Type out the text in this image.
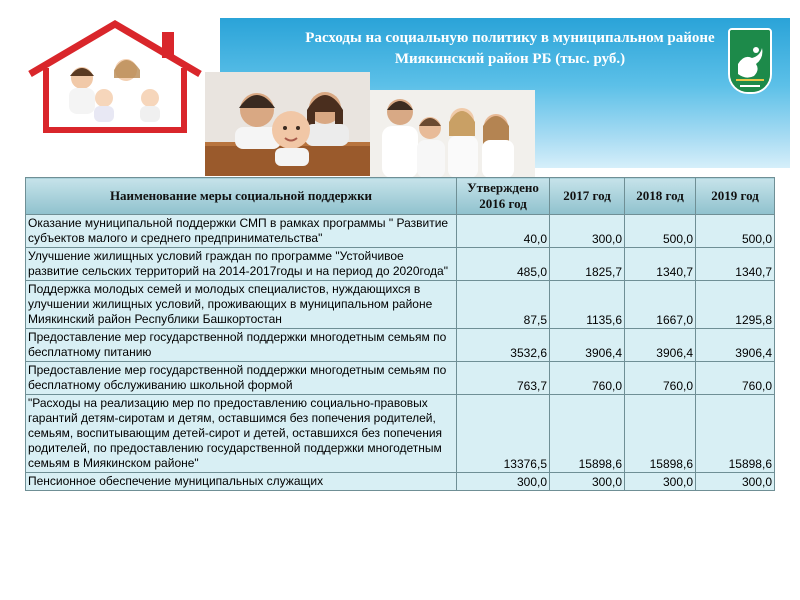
Расходы на социальную политику в муниципальном районе Миякинский район РБ (тыс. руб.)
Наименование меры социальной поддержки	Утверждено 2016 год	2017 год	2018 год	2019 год
Оказание муниципальной поддержки СМП в рамках программы " Развитие субъектов малого и среднего предпринимательства"	40,0	300,0	500,0	500,0
Улучшение жилищных условий граждан по программе "Устойчивое развитие сельских территорий на 2014-2017годы и на период до 2020года"	485,0	1825,7	1340,7	1340,7
Поддержка молодых семей и молодых специалистов, нуждающихся в улучшении жилищных условий, проживающих в муниципальном районе Миякинский район Республики Башкортостан	87,5	1135,6	1667,0	1295,8
Предоставление мер государственной поддержки многодетным семьям по бесплатному питанию	3532,6	3906,4	3906,4	3906,4
Предоставление мер государственной поддержки многодетным семьям по бесплатному обслуживанию школьной формой	763,7	760,0	760,0	760,0
"Расходы на реализацию мер по предоставлению социально-правовых гарантий детям-сиротам и детям, оставшимся без попечения родителей, семьям, воспитывающим детей-сирот и детей, оставшихся без попечения родителей, по предоставлению государственной поддержки многодетным семьям в Миякинском районе"	13376,5	15898,6	15898,6	15898,6
Пенсионное обеспечение муниципальных служащих	300,0	300,0	300,0	300,0
